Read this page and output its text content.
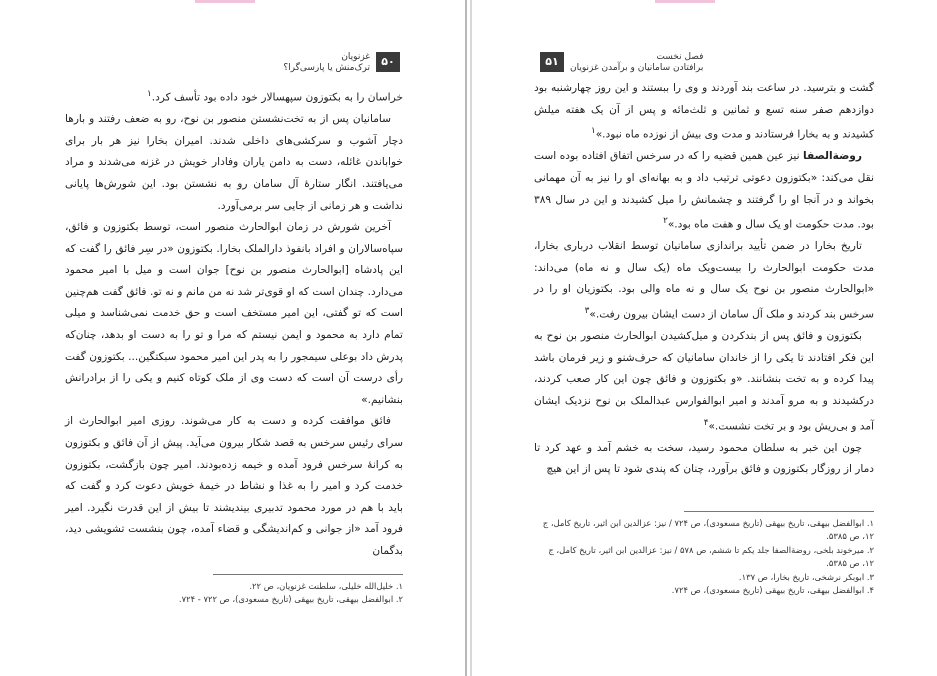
۵۰
غزنویان
ترک‌منش یا پارسی‌گرا؟

خراسان را به بکتوزون سپهسالار خود داده بود تأسف کرد.$^۱$

سامانیان پس از به تخت‌نشستن منصور بن نوح، رو به ضعف رفتند و بارها دچار آشوب و سرکشی‌های داخلی شدند. امیران بخارا نیز هر بار برای خواباندن غائله، دست به دامن یاران وفادار خویش در غزنه می‌شدند و مراد می‌یافتند. انگار ستارهٔ آل سامان رو به نشستن بود. این شورش‌ها پایانی نداشت و هر زمانی از جایی سر برمی‌آورد.

آخرین شورش در زمان ابوالحارث منصور است، توسط بکتوزون و فائق، سپاه‌سالاران و افراد بانفوذ دارالملک بخارا. بکتوزون «در سِر فائق را گفت که این پادشاه [ابوالحارث منصور بن نوح] جوان است و میل با امیر محمود می‌دارد. چندان است که او قوی‌تر شد نه من مانم و نه تو. فائق گفت هم‌چنین است که تو گفتی، این امیر مستخف است و حق خدمت نمی‌شناسد و میلی تمام دارد به محمود و ایمن نیستم که مرا و تو را به دست او بدهد، چنان‌که پدرش داد بوعلی سیمجور را به پدر این امیر محمود سبکتگین... بکتوزون گفت رأی درست آن است که دست وی از ملک کوتاه کنیم و یکی را از برادرانش بنشانیم.»

فائق موافقت کرده و دست به کار می‌شوند. روزی امیر ابوالحارث از سرای رئیس سرخس به قصد شکار بیرون می‌آید. پیش از آن فائق و بکتوزون به کرانهٔ سرخس فرود آمده و خیمه زده‌بودند. امیر چون بازگشت، بکتوزون خدمت کرد و امیر را به غذا و نشاط در خیمهٔ خویش دعوت کرد و گفت که باید با هم در مورد محمود تدبیری بیندیشند تا بیش از این قدرت نگیرد. امیر فرود آمد «از جوانی و کم‌اندیشگی و قضاء آمده، چون بنشست تشویشی دید، بدگمان

۱. خلیل‌الله خلیلی، سلطنت غزنویان، ص ۲۲.
۲. ابوالفضل بیهقی، تاریخ بیهقی (تاریخ مسعودی)، ص ۷۲۲ - ۷۲۴.
۵۱	فصل نخست
برافتادن سامانیان و برآمدن غزنویان

گشت و بترسید. در ساعت بند آوردند و وی را ببستند و این روز چهارشنبه بود دوازدهم صفر سنه تسع و ثمانین و ثلث‌مائه و پس از آن یک هفته میلش کشیدند و به بخارا فرستادند و مدت وی بیش از نوزده ماه نبود.»$^۱$

روضةالصفا نیز عین همین قضیه را که در سرخس اتفاق افتاده بوده است نقل می‌کند: «بکتوزون دعوتی ترتیب داد و به بهانه‌ای او را نیز به آن مهمانی بخواند و در آنجا او را گرفتند و چشمانش را میل کشیدند و این در سال ۳۸۹ بود. مدت حکومت او یک سال و هفت ماه بود.»$^۲$

تاریخ بخارا در ضمن تأیید براندازی سامانیان توسط انقلاب درباری بخارا، مدت حکومت ابوالحارث را بیست‌ویک ماه (یک سال و نه ماه) می‌داند: «ابوالحارث منصور بن نوح یک سال و نه ماه والی بود. بکتوزیان او را در سرخس بند کردند و ملک آل سامان از دست ایشان بیرون رفت.»$^۳$

بکتوزون و فائق پس از بندکردن و میل‌کشیدن ابوالحارث منصور بن نوح به این فکر افتادند تا یکی را از خاندان سامانیان که حرف‌شنو و زیر فرمان باشد پیدا کرده و به تخت بنشانند. «و بکتوزون و فائق چون این کار صعب کردند، درکشیدند و به مرو آمدند و امیر ابوالفوارس عبدالملک بن نوح نزدیک ایشان آمد و بی‌ریش بود و بر تخت نشست.»$^۴$

چون این خبر به سلطان محمود رسید، سخت به خشم آمد و عهد کرد تا دمار از روزگار بکتوزون و فائق برآورد، چنان که پندی شود تا پس از این هیچ

۱. ابوالفضل بیهقی، تاریخ بیهقی (تاریخ مسعودی)، ص ۷۲۴ / نیز: عزالدین ابن اثیر، تاریخ کامل، ج ۱۲، ص ۵۳۸۵.
۲. میرخوند بلخی، روضةالصفا جلد یکم تا ششم، ص ۵۷۸ / نیز: عزالدین ابن اثیر، تاریخ کامل، ج ۱۲، ص ۵۳۸۵.
۳. ابوبکر نرشخی، تاریخ بخارا، ص ۱۳۷.
۴. ابوالفضل بیهقی، تاریخ بیهقی (تاریخ مسعودی)، ص ۷۲۴.
